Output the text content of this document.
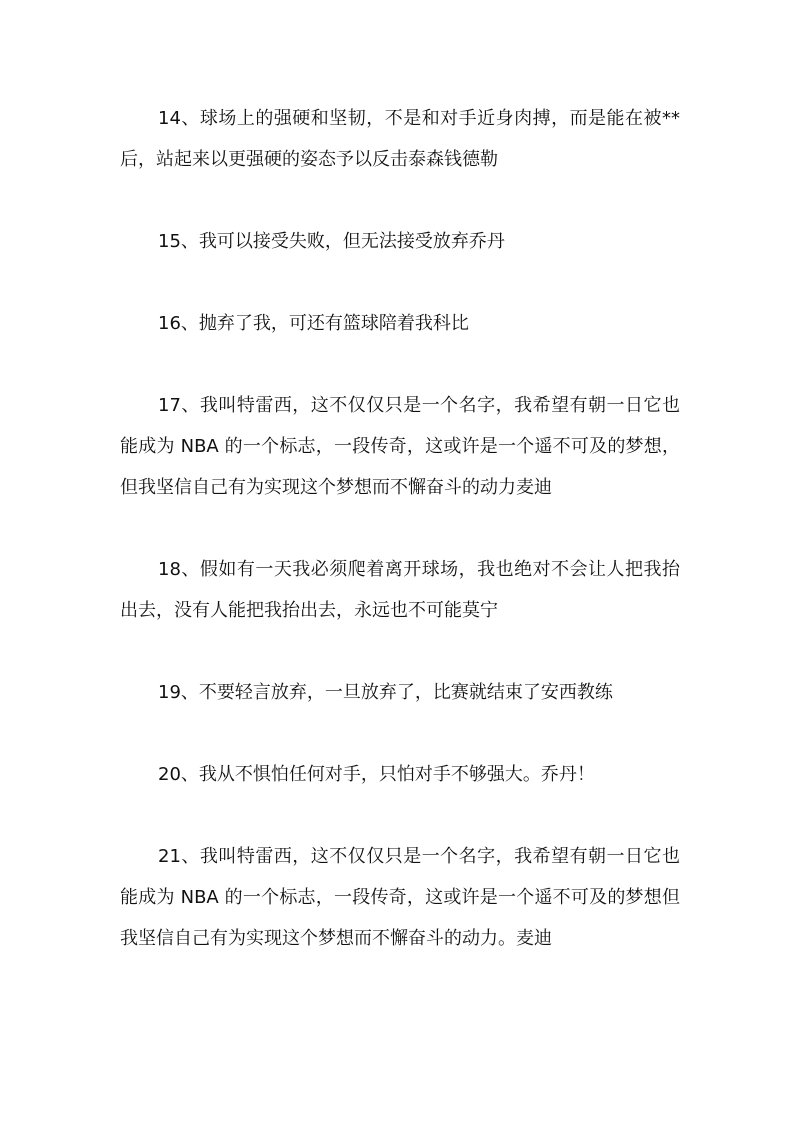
14、球场上的强硬和坚韧，不是和对手近身肉搏，而是能在被**后，站起来以更强硬的姿态予以反击泰森钱德勒

15、我可以接受失败，但无法接受放弃乔丹

16、抛弃了我，可还有篮球陪着我科比

17、我叫特雷西，这不仅仅只是一个名字，我希望有朝一日它也能成为 NBA 的一个标志，一段传奇，这或许是一个遥不可及的梦想，但我坚信自己有为实现这个梦想而不懈奋斗的动力麦迪

18、假如有一天我必须爬着离开球场，我也绝对不会让人把我抬出去，没有人能把我抬出去，永远也不可能莫宁

19、不要轻言放弃，一旦放弃了，比赛就结束了安西教练

20、我从不惧怕任何对手，只怕对手不够强大。乔丹！

21、我叫特雷西，这不仅仅只是一个名字，我希望有朝一日它也能成为 NBA 的一个标志，一段传奇，这或许是一个遥不可及的梦想但我坚信自己有为实现这个梦想而不懈奋斗的动力。麦迪
